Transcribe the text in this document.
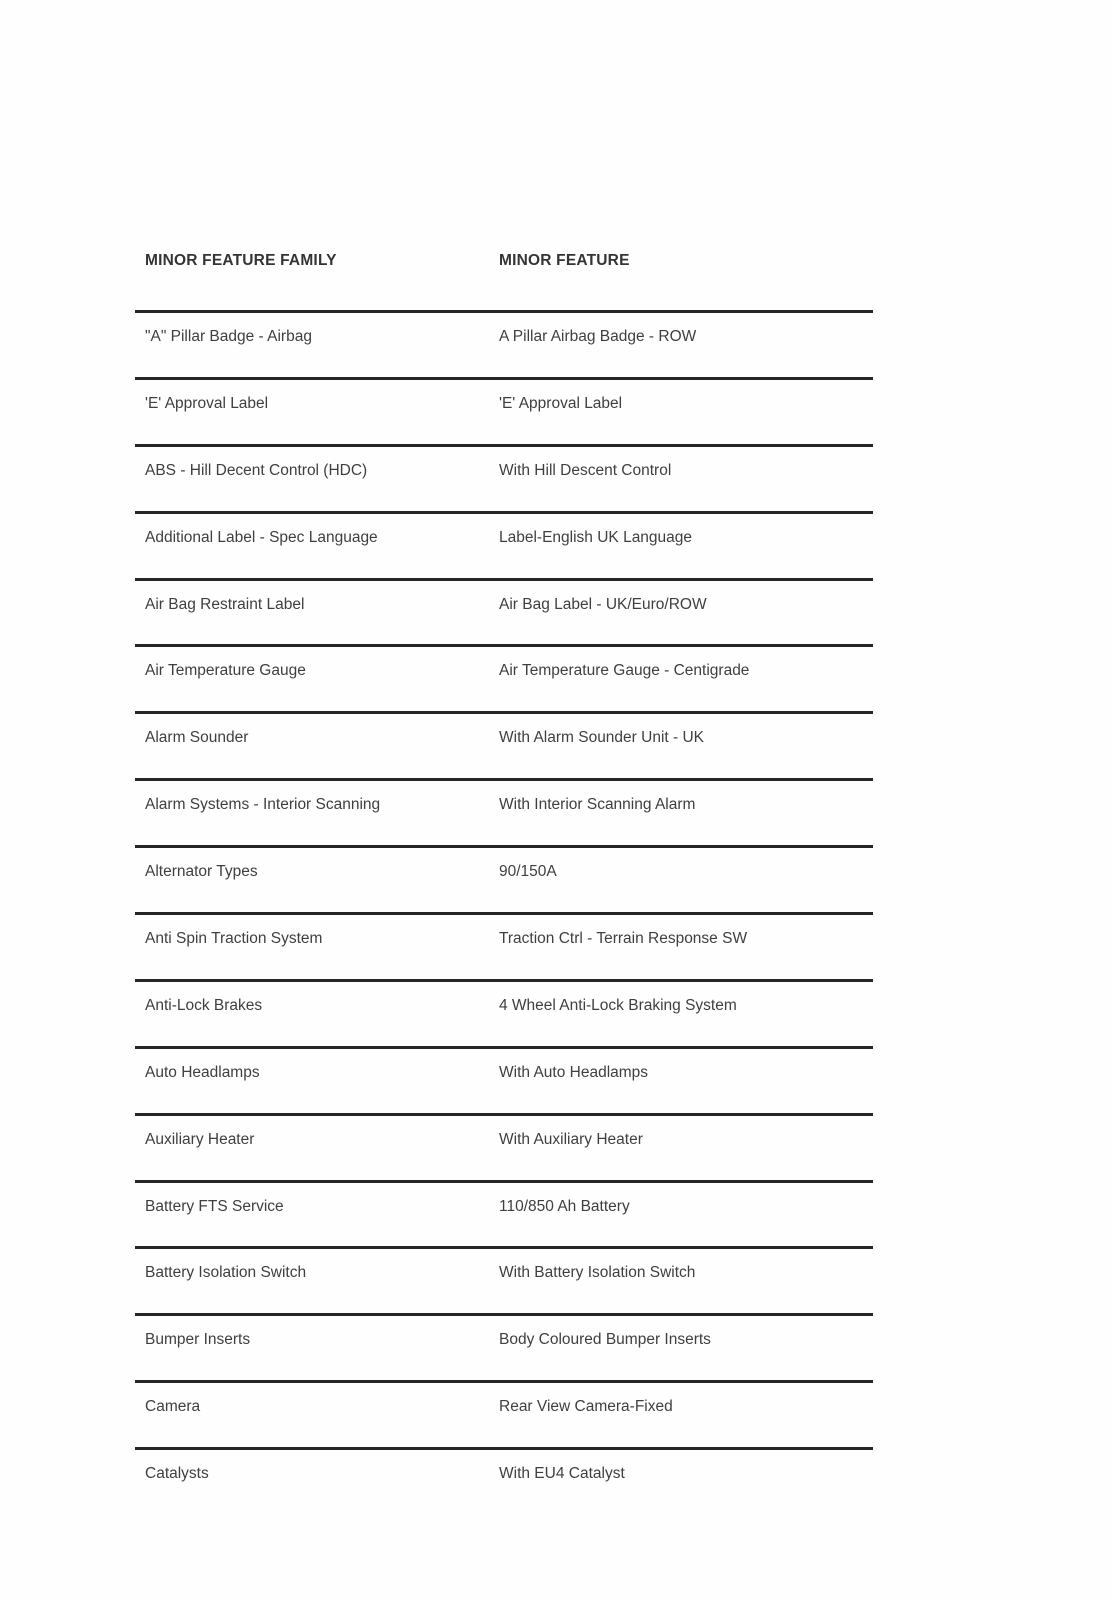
MINOR FEATURE FAMILY	MINOR FEATURE
"A" Pillar Badge - Airbag	A Pillar Airbag Badge - ROW
'E' Approval Label	'E' Approval Label
ABS - Hill Decent Control (HDC)	With Hill Descent Control
Additional Label - Spec Language	Label-English UK Language
Air Bag Restraint Label	Air Bag Label - UK/Euro/ROW
Air Temperature Gauge	Air Temperature Gauge - Centigrade
Alarm Sounder	With Alarm Sounder Unit - UK
Alarm Systems - Interior Scanning	With Interior Scanning Alarm
Alternator Types	90/150A
Anti Spin Traction System	Traction Ctrl - Terrain Response SW
Anti-Lock Brakes	4 Wheel Anti-Lock Braking System
Auto Headlamps	With Auto Headlamps
Auxiliary Heater	With Auxiliary Heater
Battery FTS Service	110/850 Ah Battery
Battery Isolation Switch	With Battery Isolation Switch
Bumper Inserts	Body Coloured Bumper Inserts
Camera	Rear View Camera-Fixed
Catalysts	With EU4 Catalyst
